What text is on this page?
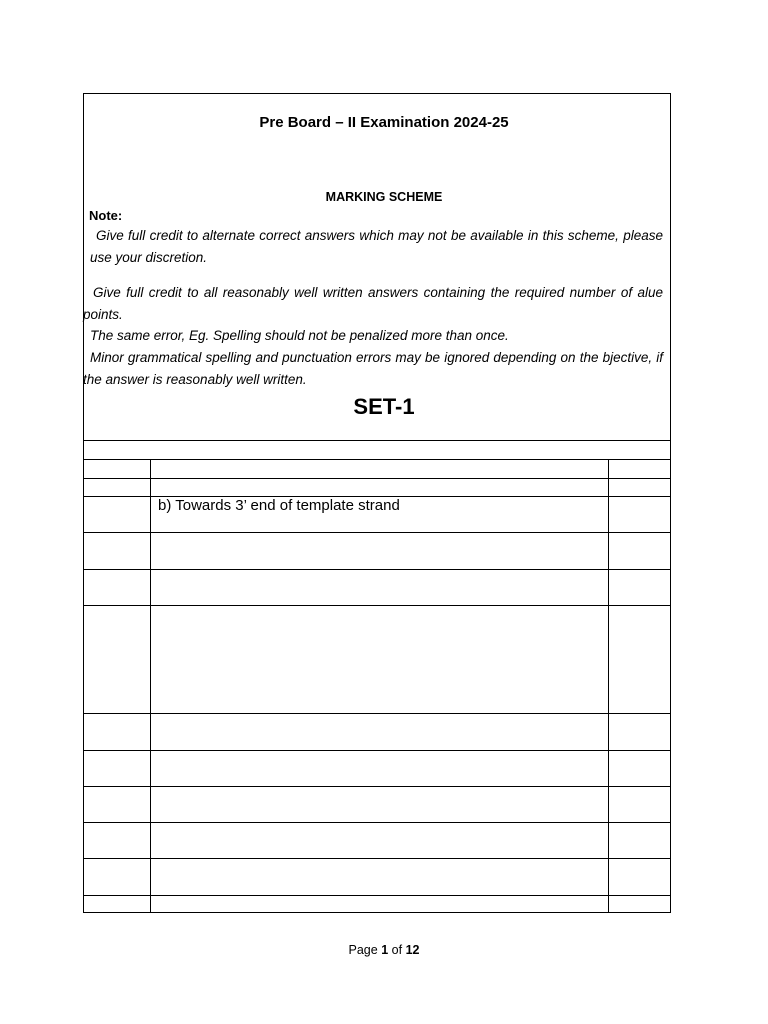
Pre Board – II Examination 2024-25
MARKING SCHEME
Note:
Give full credit to alternate correct answers which may not be available in this scheme, please use your discretion.
Give full credit to all reasonably well written answers containing the required number of alue points.
The same error, Eg. Spelling should not be penalized more than once.
Minor grammatical spelling and punctuation errors may be ignored depending on the bjective, if the answer is reasonably well written.
SET-1
b) Towards 3’ end of template strand
Page 1 of 12
